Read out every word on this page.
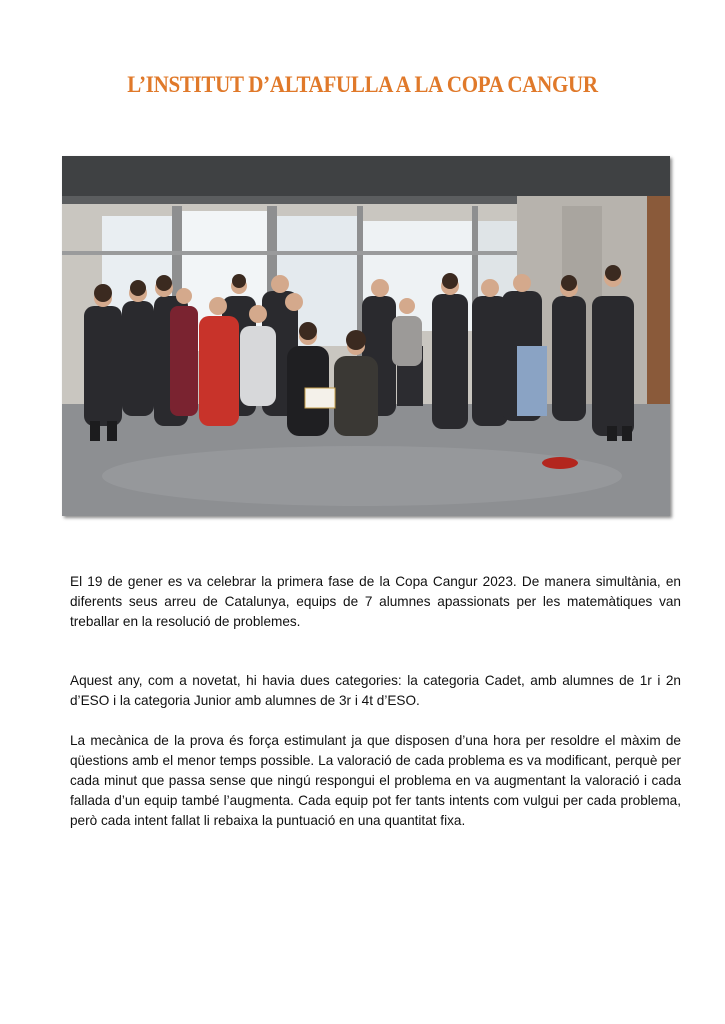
L’INSTITUT D’ALTAFULLA A LA COPA CANGUR
El 19 de gener es va celebrar la primera fase de la Copa Cangur 2023. De manera simultània, en diferents seus arreu de Catalunya, equips de 7 alumnes apassionats per les matemàtiques van treballar en la resolució de problemes.
Aquest any, com a novetat, hi havia dues categories: la categoria Cadet, amb alumnes de 1r i 2n d’ESO i la categoria Junior amb alumnes de 3r i 4t d’ESO.
La mecànica de la prova és força estimulant ja que disposen d’una hora per resoldre el màxim de qüestions amb el menor temps possible. La valoració de cada problema es va modificant, perquè per cada minut que passa sense que ningú respongui el problema en va augmentant la valoració i cada fallada d’un equip també l’augmenta. Cada equip pot fer tants intents com vulgui per cada problema, però cada intent fallat li rebaixa la puntuació en una quantitat fixa.
